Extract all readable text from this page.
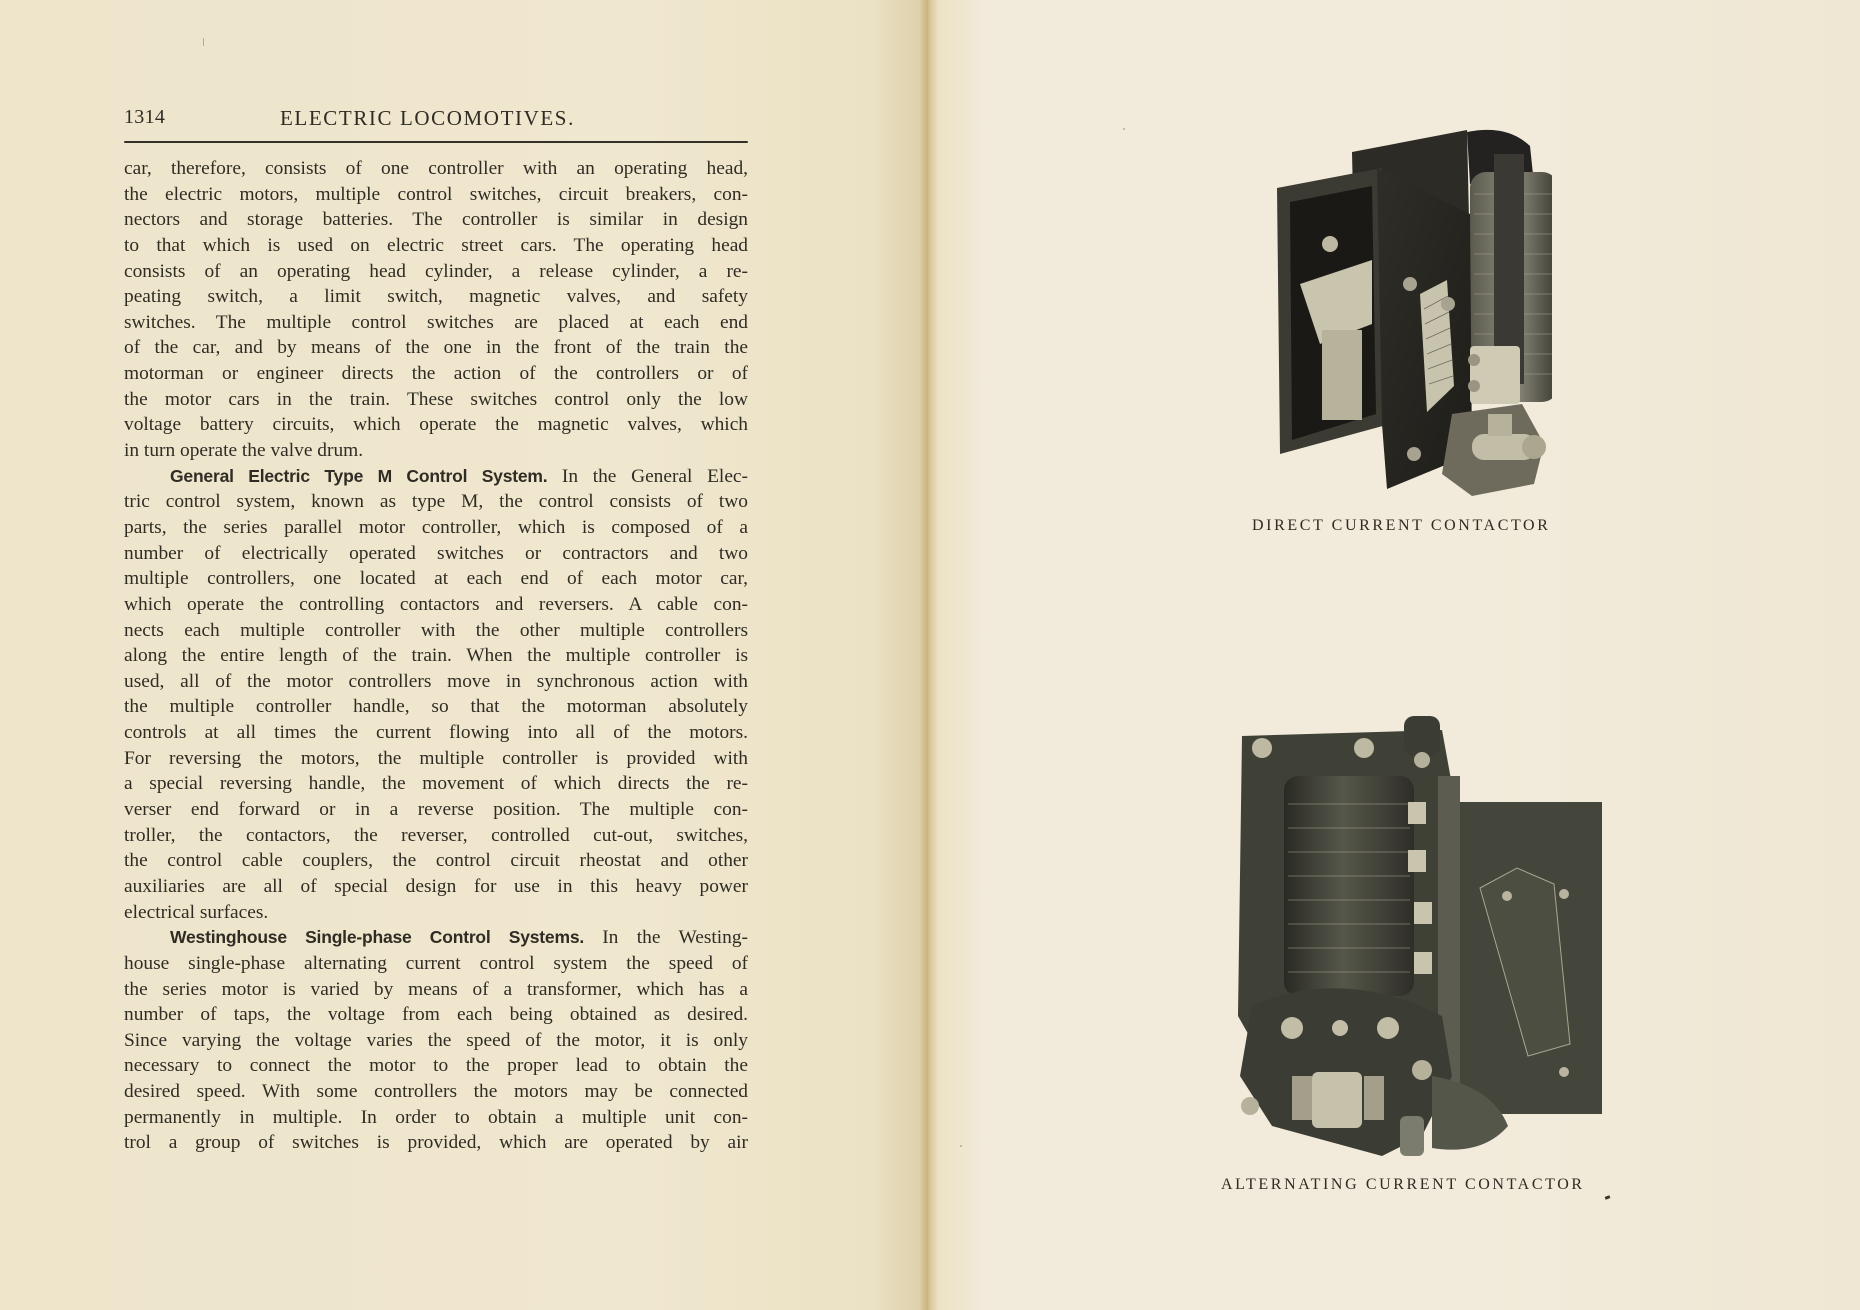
1314	ELECTRIC LOCOMOTIVES.
car, therefore, consists of one controller with an operating head,
the electric motors, multiple control switches, circuit breakers, con-
nectors and storage batteries. The controller is similar in design
to that which is used on electric street cars. The operating head
consists of an operating head cylinder, a release cylinder, a re-
peating switch, a limit switch, magnetic valves, and safety
switches. The multiple control switches are placed at each end
of the car, and by means of the one in the front of the train the
motorman or engineer directs the action of the controllers or of
the motor cars in the train. These switches control only the low
voltage battery circuits, which operate the magnetic valves, which
in turn operate the valve drum.
General Electric Type M Control System. In the General Elec-
tric control system, known as type M, the control consists of two
parts, the series parallel motor controller, which is composed of a
number of electrically operated switches or contractors and two
multiple controllers, one located at each end of each motor car,
which operate the controlling contactors and reversers. A cable con-
nects each multiple controller with the other multiple controllers
along the entire length of the train. When the multiple controller is
used, all of the motor controllers move in synchronous action with
the multiple controller handle, so that the motorman absolutely
controls at all times the current flowing into all of the motors.
For reversing the motors, the multiple controller is provided with
a special reversing handle, the movement of which directs the re-
verser end forward or in a reverse position. The multiple con-
troller, the contactors, the reverser, controlled cut-out, switches,
the control cable couplers, the control circuit rheostat and other
auxiliaries are all of special design for use in this heavy power
electrical surfaces.
Westinghouse Single-phase Control Systems. In the Westing-
house single-phase alternating current control system the speed of
the series motor is varied by means of a transformer, which has a
number of taps, the voltage from each being obtained as desired.
Since varying the voltage varies the speed of the motor, it is only
necessary to connect the motor to the proper lead to obtain the
desired speed. With some controllers the motors may be connected
permanently in multiple. In order to obtain a multiple unit con-
trol a group of switches is provided, which are operated by air
DIRECT CURRENT CONTACTOR
ALTERNATING CURRENT CONTACTOR
